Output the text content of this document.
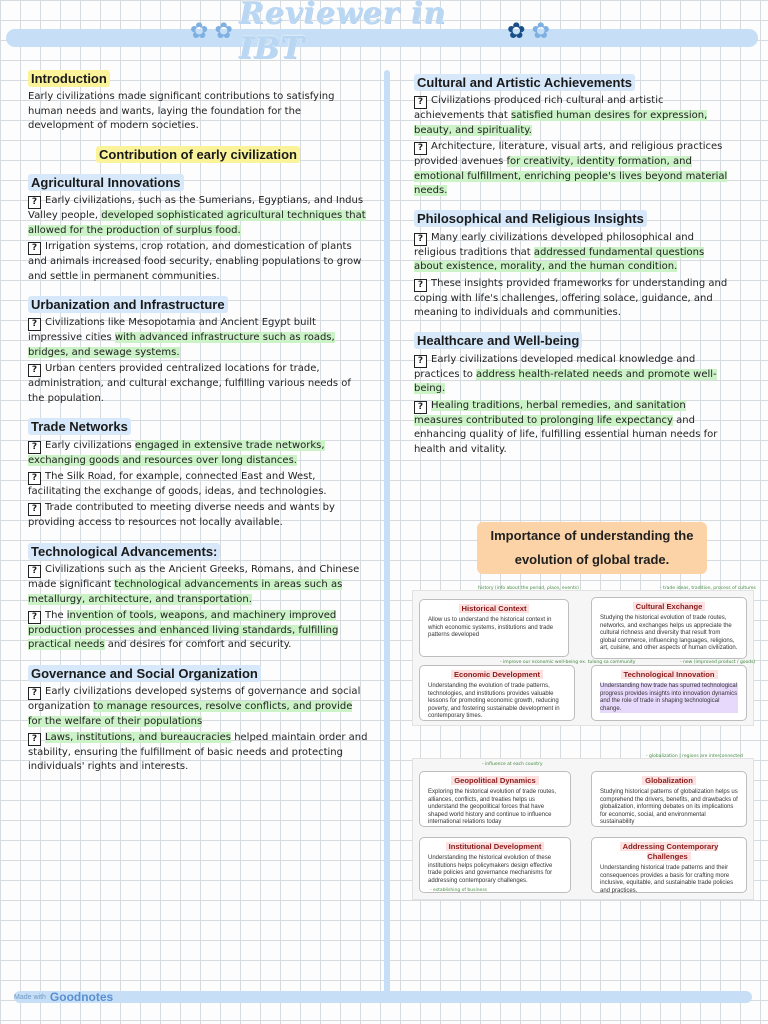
✿ ✿ Reviewer in IBT	✿ ✿
Introduction

Early civilizations made significant contributions to satisfying human needs and wants, laying the foundation for the development of modern societies.

Contribution of early civilization
Agricultural Innovations

? Early civilizations, such as the Sumerians, Egyptians, and Indus Valley people, developed sophisticated agricultural techniques that allowed for the production of surplus food.

? Irrigation systems, crop rotation, and domestication of plants and animals increased food security, enabling populations to grow and settle in permanent communities.

Urbanization and Infrastructure

? Civilizations like Mesopotamia and Ancient Egypt built impressive cities with advanced infrastructure such as roads, bridges, and sewage systems.

? Urban centers provided centralized locations for trade, administration, and cultural exchange, fulfilling various needs of the population.

Trade Networks

? Early civilizations engaged in extensive trade networks, exchanging goods and resources over long distances.

? The Silk Road, for example, connected East and West, facilitating the exchange of goods, ideas, and technologies.

? Trade contributed to meeting diverse needs and wants by providing access to resources not locally available.

Technological Advancements:

? Civilizations such as the Ancient Greeks, Romans, and Chinese made significant technological advancements in areas such as metallurgy, architecture, and transportation.

? The invention of tools, weapons, and machinery improved production processes and enhanced living standards, fulfilling practical needs and desires for comfort and security.

Governance and Social Organization

? Early civilizations developed systems of governance and social organization to manage resources, resolve conflicts, and provide for the welfare of their populations

? Laws, institutions, and bureaucracies helped maintain order and stability, ensuring the fulfillment of basic needs and protecting individuals' rights and interests.

Cultural and Artistic Achievements

? Civilizations produced rich cultural and artistic achievements that satisfied human desires for expression, beauty, and spirituality.

? Architecture, literature, visual arts, and religious practices provided avenues for creativity, identity formation, and emotional fulfillment, enriching people's lives beyond material needs.

Philosophical and Religious Insights

? Many early civilizations developed philosophical and religious traditions that addressed fundamental questions about existence, morality, and the human condition.

? These insights provided frameworks for understanding and coping with life's challenges, offering solace, guidance, and meaning to individuals and communities.

Healthcare and Well-being

? Early civilizations developed medical knowledge and practices to address health-related needs and promote well-being.

? Healing traditions, herbal remedies, and sanitation measures contributed to prolonging life expectancy and enhancing quality of life, fulfilling essential human needs for health and vitality.

Importance of understanding the
evolution of global trade.
Historical Context
Allow us to understand the historical context in which economic systems, institutions and trade patterns developed
Cultural Exchange
Studying the historical evolution of trade routes, networks, and exchanges helps us appreciate the cultural richness and diversity that result from global commerce, influencing languages, religions, art, cuisine, and other aspects of human civilization.
Economic Development
Understanding the evolution of trade patterns, technologies, and institutions provides valuable lessons for promoting economic growth, reducing poverty, and fostering sustainable development in contemporary times.
Technological Innovation
Understanding how trade has spurred technological progress provides insights into innovation dynamics and the role of trade in shaping technological change.
Geopolitical Dynamics
Exploring the historical evolution of trade routes, alliances, conflicts, and treaties helps us understand the geopolitical forces that have shaped world history and continue to influence international relations today
Globalization
Studying historical patterns of globalization helps us comprehend the drivers, benefits, and drawbacks of globalization, informing debates on its implications for economic, social, and environmental sustainability
Institutional Development
Understanding the historical evolution of these institutions helps policymakers design effective trade policies and governance mechanisms for addressing contemporary challenges.
Addressing Contemporary Challenges
Understanding historical trade patterns and their consequences provides a basis for crafting more inclusive, equitable, and sustainable trade policies and practices.
history (info about the period, place, events)	- trade ideas, tradition, process of cultures
- improve our economic well-being ex. tulong sa community	- new (improved product / goods)
- influence at each country
- globalization | regions are interconnected
- establishing of business
Made with Goodnotes
